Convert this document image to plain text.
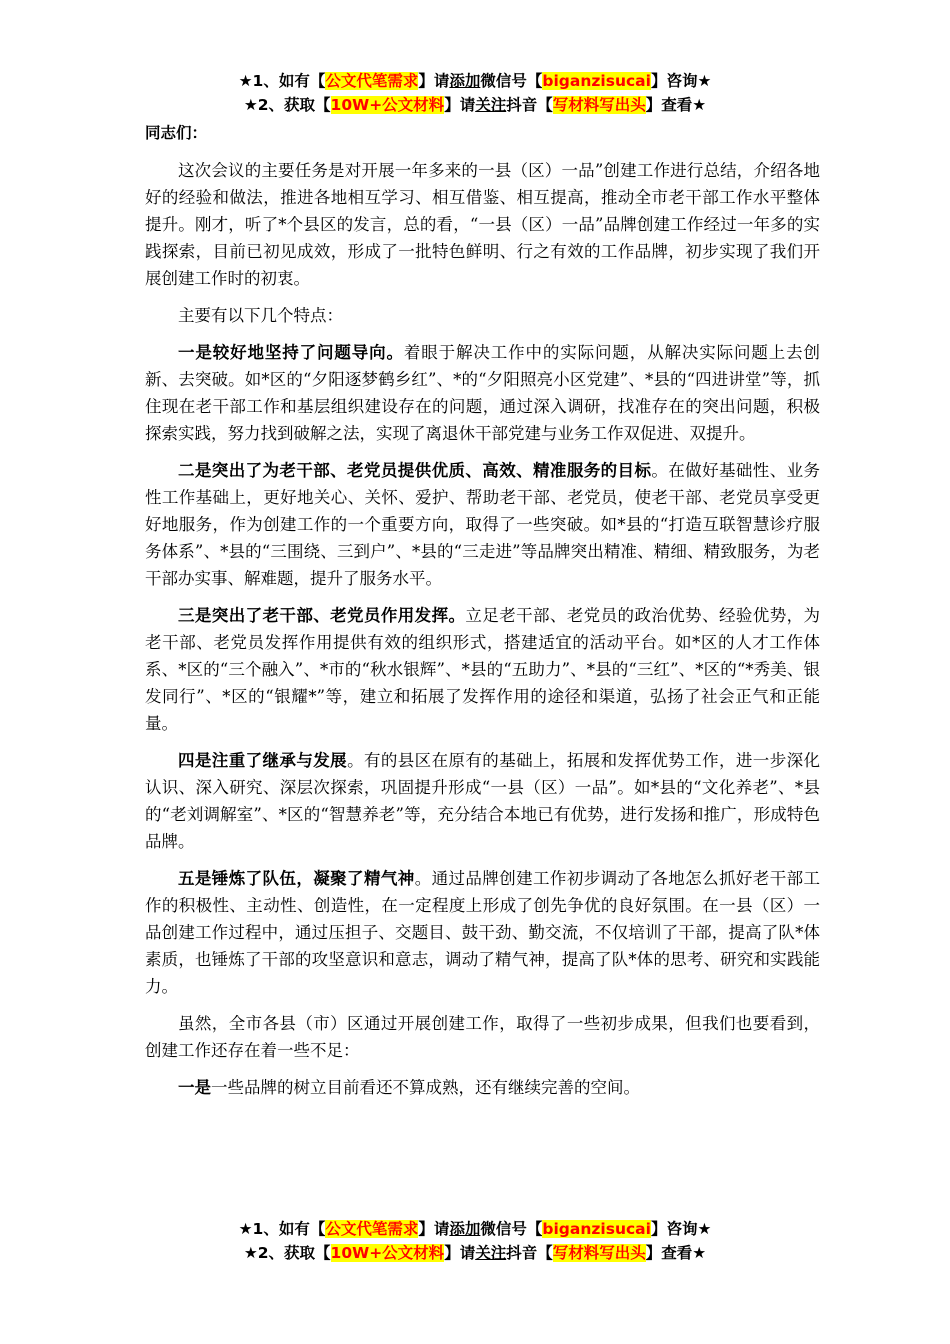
★1、如有【公文代笔需求】请添加微信号【biganzisucai】咨询★
★2、获取【10W+公文材料】请关注抖音【写材料写出头】查看★
同志们：

这次会议的主要任务是对开展一年多来的一县（区）一品”创建工作进行总结，介绍各地好的经验和做法，推进各地相互学习、相互借鉴、相互提高，推动全市老干部工作水平整体提升。刚才，听了*个县区的发言，总的看，“一县（区）一品”品牌创建工作经过一年多的实践探索，目前已初见成效，形成了一批特色鲜明、行之有效的工作品牌，初步实现了我们开展创建工作时的初衷。

主要有以下几个特点：

一是较好地坚持了问题导向。着眼于解决工作中的实际问题，从解决实际问题上去创新、去突破。如*区的“夕阳逐梦鹤乡红”、*的“夕阳照亮小区党建”、*县的“四进讲堂”等，抓住现在老干部工作和基层组织建设存在的问题，通过深入调研，找准存在的突出问题，积极探索实践，努力找到破解之法，实现了离退休干部党建与业务工作双促进、双提升。

二是突出了为老干部、老党员提供优质、高效、精准服务的目标。在做好基础性、业务性工作基础上，更好地关心、关怀、爱护、帮助老干部、老党员，使老干部、老党员享受更好地服务，作为创建工作的一个重要方向，取得了一些突破。如*县的“打造互联智慧诊疗服务体系”、*县的“三围绕、三到户”、*县的“三走进”等品牌突出精准、精细、精致服务，为老干部办实事、解难题，提升了服务水平。

三是突出了老干部、老党员作用发挥。立足老干部、老党员的政治优势、经验优势，为老干部、老党员发挥作用提供有效的组织形式，搭建适宜的活动平台。如*区的人才工作体系、*区的“三个融入”、*市的“秋水银辉”、*县的“五助力”、*县的“三红”、*区的“*秀美、银发同行”、*区的“银耀*”等，建立和拓展了发挥作用的途径和渠道，弘扬了社会正气和正能量。

四是注重了继承与发展。有的县区在原有的基础上，拓展和发挥优势工作，进一步深化认识、深入研究、深层次探索，巩固提升形成“一县（区）一品”。如*县的“文化养老”、*县的“老刘调解室”、*区的“智慧养老”等，充分结合本地已有优势，进行发扬和推广，形成特色品牌。

五是锤炼了队伍，凝聚了精气神。通过品牌创建工作初步调动了各地怎么抓好老干部工作的积极性、主动性、创造性，在一定程度上形成了创先争优的良好氛围。在一县（区）一品创建工作过程中，通过压担子、交题目、鼓干劲、勤交流，不仅培训了干部，提高了队*体素质，也锤炼了干部的攻坚意识和意志，调动了精气神，提高了队*体的思考、研究和实践能力。

虽然，全市各县（市）区通过开展创建工作，取得了一些初步成果，但我们也要看到，创建工作还存在着一些不足：

一是一些品牌的树立目前看还不算成熟，还有继续完善的空间。

★1、如有【公文代笔需求】请添加微信号【biganzisucai】咨询★
★2、获取【10W+公文材料】请关注抖音【写材料写出头】查看★
